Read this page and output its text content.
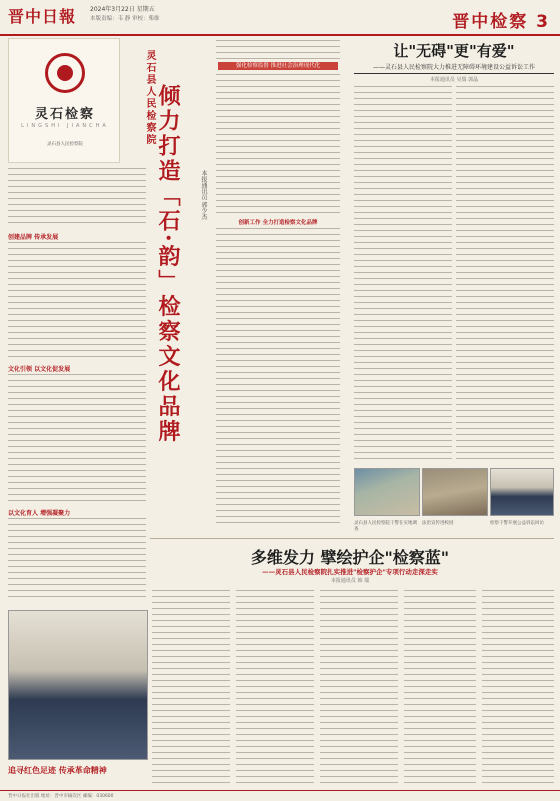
晋中日報 2024年3月22日 星期五
本版责编：韦 静 审校：柴维	晋中检察 3
灵石检察
LINGSHI JIANCHA
灵石县人民检察院	灵石县人民检察院 倾力打造「石·韵」检察文化品牌	本报通讯员 郭少杰
创建品牌 传承发展
文化引领 以文化促发展
以文化育人 增强凝聚力
强化检察监督 推进社会治理现代化
创新工作 全力打造检察文化品牌
让"无碍"更"有爱"
——灵石县人民检察院大力推进无障碍环境建设公益诉讼工作
本报通讯员 吴瑞 郭晶
灵石县人民检察院干警在实地调查
法治宣传进校园	检察干警开展公益诉讼回访
多维发力 擘绘护企"检察蓝"
——灵石县人民检察院扎实推进"检察护企"专项行动走深走实
本报通讯员 韩 瑞
追寻红色足迹 传承革命精神
晋中日报社出版 地址：晋中市榆次区 邮编：030600
